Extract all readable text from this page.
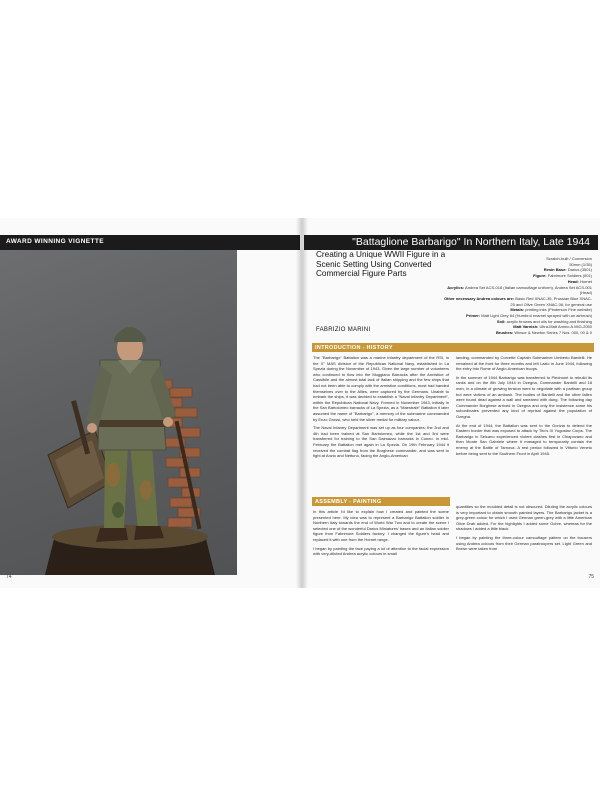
AWARD WINNING VIGNETTE
74
"Battaglione Barbarigo" In Northern Italy, Late 1944
Creating a Unique WWII Figure in a Scenic Setting Using Converted Commercial Figure Parts
FABRIZIO MARINI
Scratch-built / Conversion
50mm (1/35)
Resin Base: Darius (3501)
Figure: Fabrimore Soldiers (001)
Head: Hornet
Acrylics: Andrea Set ACS-018 (Italian camouflage uniform), Andrea Set ACS-001 (Head)
Other necessary Andrea colours are: Basic Red XNAC-35, Prussian Blue XNAC-25 and Olive Green XNAC-06, for general use
Metals: printing inks (Pinderson Fine website)
Primer: Matt Light Grey 64 (Humbrol enamel sprayed with an airbrush)
Soil: acrylic browns and oils for washing and finishing
Matt Varnish: Ultra-Matt Ammo A.MIG-2050
Brushes: Winsor & Newton Series 7 Nos. 000, 00 & 0
INTRODUCTION - HISTORY

The "Barbarigo" Battalion was a marine infantry department of the RSI, in the X° MAS division of the Republican National Navy, established in La Spezia during the November of 1943. Given the large number of volunteers who continued to flow into the Muggiano Barracks after the Armistice of Cassibile and the almost total lack of Italian shipping and the few ships that had not been able to comply with the armistice conditions, most had handed themselves over to the Allies, were captured by the Germans. Unable to embark the ships, it was decided to establish a "Naval Infantry Department", within the Republican National Navy. Formed in November 1943, initially in the San Bartolomeo barracks of La Spezia, as a "Maestrale" Battalion it later assumed the name of "Barbarigo", a memory of the submarine commanded by Enzo Grossi, who held the silver medal for military valour.

The Naval Infantry Department was set up as four companies; the 2nd and 4th had been trained at San Bartolomeo, while the 1st and 3rd were transferred for training to the San Dalmazzo barracks in Cuneo. In mid-February the Battalion met again in La Spezia. On 19th February 1944 it received the combat flag from the Borghese commander, and was sent to fight at Anzio and Nettuno, facing the Anglo-American

landing, commanded by Corvette Captain Submariner Umberto Bardelli. He remained at the front for three months and left Lazio in June 1944, following the entry into Rome of Anglo-American troops.

In the summer of 1944 Barbarigo was transferred to Piedmont to rebuild its ranks and on the 8th July 1944 in Ozegna, Commander Bardelli and 18 men, in a climate of growing tension went to negotiate with a partisan group but were victims of an ambush. The bodies of Bardelli and the other fallen were found dead against a wall and smeared with dung. The following day Commander Borghese arrived in Ozegna and only the insistence some his subordinates prevented any kind of reprisal against the population of Ozegna.

At the end of 1944, the Battalion was sent to the Gorizia to defend the Eastern border that was exposed to attack by Tito's IX Yugoslav Corps. The Barbarigo in Selcano experienced violent clashes first in Chiapovano and then Monte San Gabriele where it managed to temporarily contain the enemy at the Battle of Tarnova. A rest period followed in Vittorio Veneto before being sent to the Southern Front in April 1945.

ASSEMBLY - PAINTING

In this article I'd like to explain how I created and painted the scene presented here. My idea was to represent a Barbarigo Battalion soldier in Northern Italy towards the end of World War Two and to create the scene I selected one of the wonderful Darius Miniatures' bases and an Italian soldier figure from Fabrimore Soldiers factory. I changed the figure's head and replaced it with one from the Hornet range.

I began by painting the face paying a lot of attention to the facial expression with very-diluted Andrea acrylic colours in small

quantities so the moulded detail is not obscured. Diluting the acrylic colours is very important to obtain smooth painted layers. The Barbarigo jacket is a grey-green colour for which I used German green-grey with a little American Olive Drab added. For the highlights I added some Ochre, whereas for the shadows I added a little black.

I began by painting the three-colour camouflage pattern on the trousers using Andrea colours from their German paratroopers set. Light Green and Brown were taken from

75
